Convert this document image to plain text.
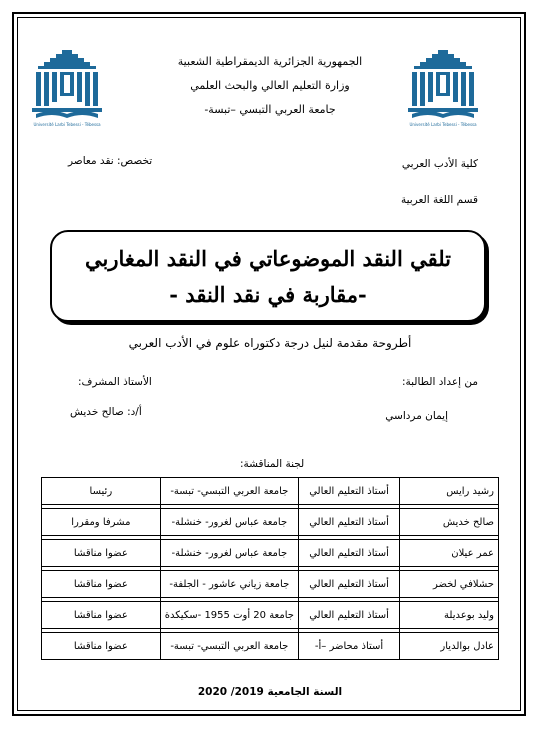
Université Larbi Tebessi - Tébessa	Université Larbi Tebessi - Tébessa
الجمهورية الجزائرية الديمقراطية الشعبية
وزارة التعليم العالي والبحث العلمي
جامعة العربي التبسي –تبسة-
كلية الأدب العربي
قسم اللغة العربية
تخصص: نقد معاصر
تلقي النقد الموضوعاتي في النقد المغاربي
-مقاربة في نقد النقد -
أطروحة مقدمة لنيل درجة دكتوراه علوم في الأدب العربي
من إعداد الطالبة:
إيمان مرداسي
الأستاذ المشرف:
أ/د: صالح خديش
لجنة المناقشة:
رشيد رايس	أستاذ التعليم العالي	جامعة العربي التبسي- تبسة-	رئيسا

صالح خديش	أستاذ التعليم العالي	جامعة عباس لغرور- خنشلة-	مشرفا ومقررا

عمر عيلان	أستاذ التعليم العالي	جامعة عباس لغرور- خنشلة-	عضوا مناقشا

حشلافي لخضر	أستاذ التعليم العالي	جامعة زياني عاشور - الجلفة-	عضوا مناقشا

وليد بوعديلة	أستاذ التعليم العالي	جامعة 20 أوت 1955 -سكيكدة	عضوا مناقشا

عادل بوالديار	أستاذ محاضر –أ-	جامعة العربي التبسي- تبسة-	عضوا مناقشا
السنة الجامعية 2019/ 2020
